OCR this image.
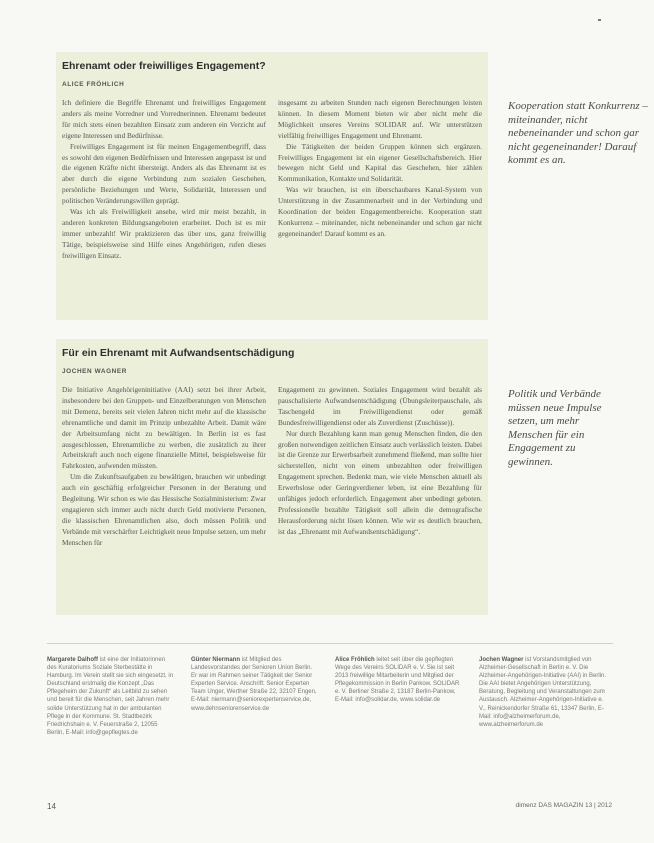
Ehrenamt oder freiwilliges Engagement?
ALICE FRÖHLICH

Ich definiere die Begriffe Ehrenamt und freiwilliges Engagement anders als meine Vorredner und Vorrednerinnen. Ehrenamt bedeutet für mich stets einen bezahlten Einsatz zum anderen ein Verzicht auf eigene Interessen und Bedürfnisse.

Freiwilliges Engagement ist für meinen Engagementbegriff, dass es sowohl den eigenen Bedürfnissen und Interessen angepasst ist und die eigenen Kräfte nicht übersteigt. Anders als das Ehrenamt ist es aber durch die eigene Verbindung zum sozialen Geschehen, persönliche Beziehungen und Werte, Solidarität, Interessen und politischen Veränderungswillen geprägt.

Was ich als Freiwilligkeit ansehe, wird mir meist bezahlt, in anderen konkreten Bildungsangeboten erarbeitet. Doch ist es mir immer unbezahlt! Wir praktizieren das über uns, ganz freiwillig Tätige, beispielsweise sind Hilfe eines Angehörigen, rufen dieses freiwilligen Einsatz.

insgesamt zu arbeiten Stunden nach eigenen Berechnungen leisten können. In diesem Moment bieten wir aber nicht mehr die Möglichkeit unseres Vereins SOLIDAR auf. Wir unterstützen vielfältig freiwilliges Engagement und Ehrenamt.

Die Tätigkeiten der beiden Gruppen können sich ergänzen. Freiwilliges Engagement ist ein eigener Gesellschaftsbereich. Hier bewegen nicht Geld und Kapital das Geschehen, hier zählen Kommunikation, Kontakte und Solidarität.

Was wir brauchen, ist ein überschaubares Kanal-System von Unterstützung in der Zusammenarbeit und in der Verbindung und Koordination der beiden Engagementbereiche. Kooperation statt Konkurrenz – miteinander, nicht nebeneinander und schon gar nicht gegeneinander! Darauf kommt es an.

Kooperation statt Konkurrenz – miteinander, nicht nebeneinander und schon gar nicht gegeneinander! Darauf kommt es an.
Für ein Ehrenamt mit Aufwandsentschädigung
JOCHEN WAGNER

Die Initiative Angehörigeninitiative (AAI) setzt bei ihrer Arbeit, insbesondere bei den Gruppen- und Einzelberatungen von Menschen mit Demenz, bereits seit vielen Jahren nicht mehr auf die klassische ehrenamtliche und damit im Prinzip unbezahlte Arbeit. Damit wäre der Arbeitsumfang nicht zu bewältigen. In Berlin ist es fast ausgeschlossen, Ehrenamtliche zu werben, die zusätzlich zu ihrer Arbeitskraft auch noch eigene finanzielle Mittel, beispielsweise für Fahrkosten, aufwenden müssten.

Um die Zukunftsaufgaben zu bewältigen, brauchen wir unbedingt auch ein geschäftig erfolgreicher Personen in der Beratung und Begleitung. Wir schon es wie das Hessische Sozialministerium: Zwar engagieren sich immer auch nicht durch Geld motivierte Personen, die klassischen Ehrenamtlichen also, doch müssen Politik und Verbände mit verschärfter Leichtigkeit neue Impulse setzen, um mehr Menschen für

Engagement zu gewinnen. Soziales Engagement wird bezahlt als pauschalisierte Aufwandsentschädigung (Übungsleiterpauschale, als Taschengeld im Freiwilligendienst oder gemäß Bundesfreiwilligendienst oder als Zuverdienst (Zuschüsse)).

Nur durch Bezahlung kann man genug Menschen finden, die den großen notwendigen zeitlichen Einsatz auch verlässlich leisten. Dabei ist die Grenze zur Erwerbsarbeit zunehmend fließend, man sollte hier sicherstellen, nicht von einem unbezahlten oder freiwilligen Engagement sprechen. Bedenkt man, wie viele Menschen aktuell als Erwerbslose oder Geringverdiener leben, ist eine Bezahlung für unfähiges jedoch erforderlich. Engagement aber unbedingt geboten. Professionelle bezahlte Tätigkeit soll allein die demografische Herausforderung nicht lösen können. Wie wir es deutlich brauchen, ist das „Ehrenamt mit Aufwandsentschädigung“.

Politik und Verbände müssen neue Impulse setzen, um mehr Menschen für ein Engagement zu gewinnen.
Margarete Dalhoff ist eine der Initiatorinnen des Kuratoriums Soziale Sterbestätte in Hamburg. Im Verein stellt sie sich eingesetzt, in Deutschland erstmalig die Konzept „Das Pflegeheim der Zukunft“ als Leitbild zu sehen und bereit für die Menschen, seit Jahren mehr solide Unterstützung hat in der ambulanten Pflege in der Kommune. St. Stadtbezirk Friedrichshain e. V. Feuerstraße 2, 12055 Berlin, E-Mail: info@gepflegtes.de
Günter Niermann ist Mitglied des Landesvorstandes der Senioren Union Berlin. Er war im Rahmen seiner Tätigkeit der Senior Experten Service. Anschrift: Senior Experten Team Unger, Werther Straße 22, 32107 Engen, E-Mail: niermann@seniorexpertenservice.de, www.dehnseniorenservice.de
Alice Fröhlich leitet seit über die gepflegten Wege des Vereins SOLIDAR e. V. Sie ist seit 2013 freiwillige Mitarbeiterin und Mitglied der Pflegekommission in Berlin Pankow. SOLIDAR e. V. Berliner Straße 2, 13187 Berlin-Pankow, E-Mail: info@solidar.de, www.solidar.de
Jochen Wagner ist Vorstandsmitglied von Alzheimer-Gesellschaft in Berlin e. V. Die Alzheimer-Angehörigen-Initiative (AAI) in Berlin. Die AAI bietet Angehörigen Unterstützung, Beratung, Begleitung und Veranstaltungen zum Austausch. Alzheimer-Angehörigen-Initiative e. V., Reinickendorfer Straße 61, 13347 Berlin, E-Mail: info@alzheimerforum.de, www.alzheimerforum.de
14	dimenz DAS MAGAZIN 13 | 2012
